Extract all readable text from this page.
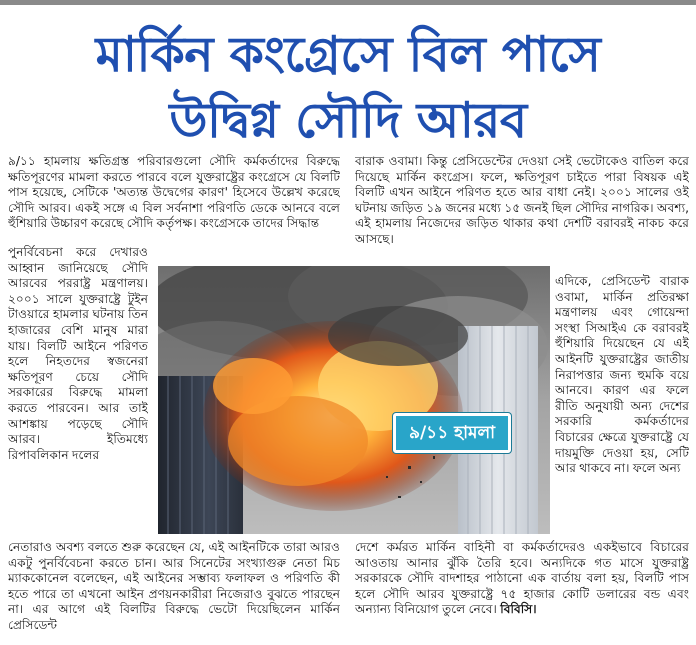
মার্কিন কংগ্রেসে বিল পাসে
উদ্বিগ্ন সৌদি আরব

৯/১১ হামলায় ক্ষতিগ্রস্ত পরিবারগুলো সৌদি কর্মকর্তাদের বিরুদ্ধে ক্ষতিপূরণের মামলা করতে পারবে বলে যুক্তরাষ্ট্রের কংগ্রেসে যে বিলটি পাস হয়েছে, সেটিকে 'অত্যন্ত উদ্বেগের কারণ' হিসেবে উল্লেখ করেছে সৌদি আরব। একই সঙ্গে এ বিল সর্বনাশা পরিণতি ডেকে আনবে বলে হুঁশিয়ারি উচ্চারণ করেছে সৌদি কর্তৃপক্ষ। কংগ্রেসকে তাদের সিদ্ধান্ত

পুনর্বিবেচনা করে দেখারও আহ্বান জানিয়েছে সৌদি আরবের পররাষ্ট্র মন্ত্রণালয়। ২০০১ সালে যুক্তরাষ্ট্রে টুইন টাওয়ারে হামলার ঘটনায় তিন হাজারের বেশি মানুষ মারা যায়। বিলটি আইনে পরিণত হলে নিহতদের স্বজনেরা ক্ষতিপূরণ চেয়ে সৌদি সরকারের বিরুদ্ধে মামলা করতে পারবেন। আর তাই আশঙ্কায় পড়েছে সৌদি আরব। ইতিমধ্যে রিপাবলিকান দলের

নেতারাও অবশ্য বলতে শুরু করেছেন যে, এই আইনটিকে তারা আরও একটু পুনর্বিবেচনা করতে চান। আর সিনেটের সংখ্যাগুরু নেতা মিচ ম্যাককোনেল বলেছেন, এই আইনের সম্ভাব্য ফলাফল ও পরিণতি কী হতে পারে তা এখনো আইন প্রণয়নকারীরা নিজেরাও বুঝতে পারছেন না। এর আগে এই বিলটির বিরুদ্ধে ভেটো দিয়েছিলেন মার্কিন প্রেসিডেন্ট

বারাক ওবামা। কিন্তু প্রেসিডেন্টের দেওয়া সেই ভেটোকেও বাতিল করে দিয়েছে মার্কিন কংগ্রেস। ফলে, ক্ষতিপূরণ চাইতে পারা বিষয়ক এই বিলটি এখন আইনে পরিণত হতে আর বাধা নেই। ২০০১ সালের ওই ঘটনায় জড়িত ১৯ জনের মধ্যে ১৫ জনই ছিল সৌদির নাগরিক। অবশ্য, এই হামলায় নিজেদের জড়িত থাকার কথা দেশটি বরাবরই নাকচ করে আসছে।

এদিকে, প্রেসিডেন্ট বারাক ওবামা, মার্কিন প্রতিরক্ষা মন্ত্রণালয় এবং গোয়েন্দা সংস্থা সিআইএ কে বরাবরই হুঁশিয়ারি দিয়েছেন যে এই আইনটি যুক্তরাষ্ট্রের জাতীয় নিরাপত্তার জন্য হুমকি বয়ে আনবে। কারণ এর ফলে রীতি অনুযায়ী অন্য দেশের সরকারি কর্মকর্তাদের বিচারের ক্ষেত্রে যুক্তরাষ্ট্রে যে দায়মুক্তি দেওয়া হয়, সেটি আর থাকবে না। ফলে অন্য

দেশে কর্মরত মার্কিন বাহিনী বা কর্মকর্তাদেরও একইভাবে বিচারের আওতায় আনার ঝুঁকি তৈরি হবে। অন্যদিকে গত মাসে যুক্তরাষ্ট্র সরকারকে সৌদি বাদশাহর পাঠানো এক বার্তায় বলা হয়, বিলটি পাস হলে সৌদি আরব যুক্তরাষ্ট্রে ৭৫ হাজার কোটি ডলারের বন্ড এবং অন্যান্য বিনিয়োগ তুলে নেবে। বিবিসি।

৯/১১ হামলা
